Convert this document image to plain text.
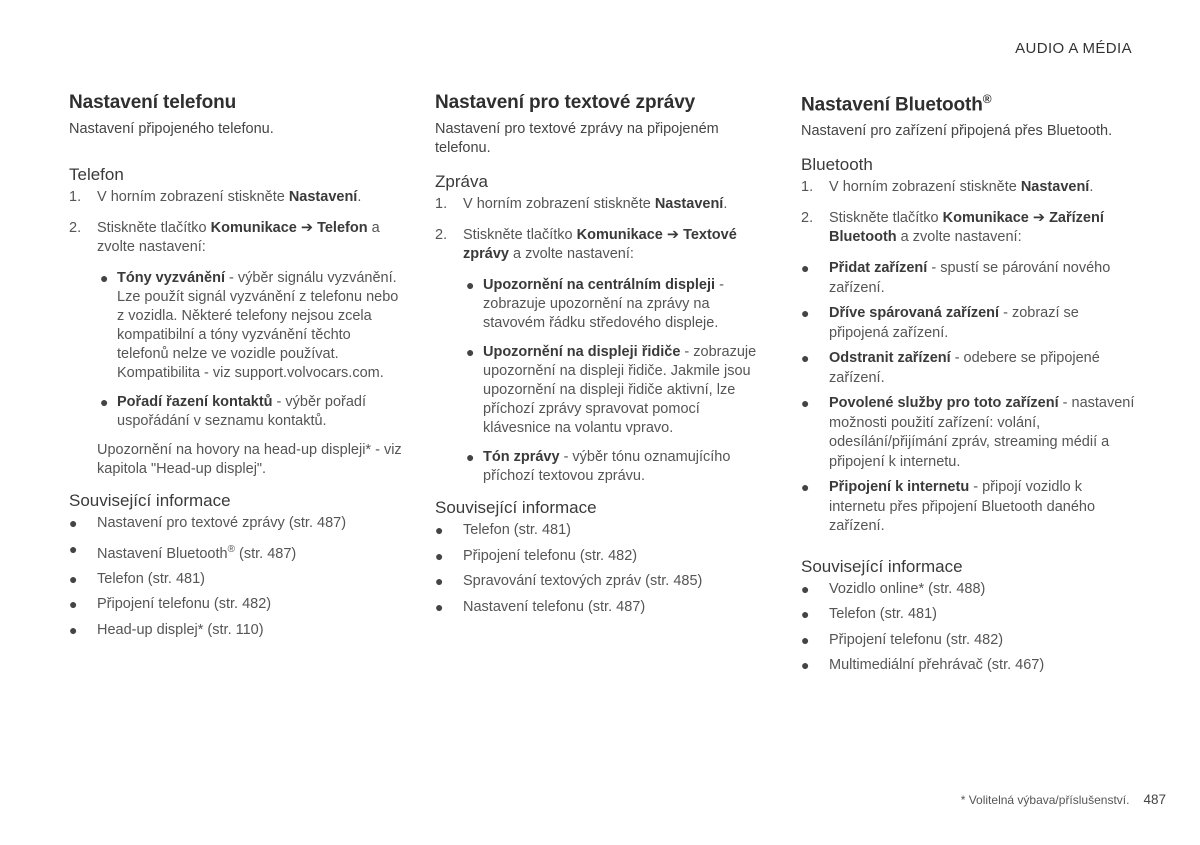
AUDIO A MÉDIA
Nastavení telefonu

Nastavení připojeného telefonu.

Telefon
1. V horním zobrazení stiskněte Nastavení.
2. Stiskněte tlačítko Komunikace ➔ Telefon a zvolte nastavení:
● Tóny vyzvánění - výběr signálu vyzvánění. Lze použít signál vyzvánění z telefonu nebo z vozidla. Některé telefony nejsou zcela kompatibilní a tóny vyzvánění těchto telefonů nelze ve vozidle používat. Kompatibilita - viz support.volvocars.com.
● Pořadí řazení kontaktů - výběr pořadí uspořádání v seznamu kontaktů.

Upozornění na hovory na head-up displeji* - viz kapitola "Head-up displej".

Související informace
● Nastavení pro textové zprávy (str. 487)
● Nastavení Bluetooth® (str. 487)
● Telefon (str. 481)
● Připojení telefonu (str. 482)
● Head-up displej* (str. 110)
Nastavení pro textové zprávy

Nastavení pro textové zprávy na připojeném telefonu.

Zpráva
1. V horním zobrazení stiskněte Nastavení.
2. Stiskněte tlačítko Komunikace ➔ Textové zprávy a zvolte nastavení:
● Upozornění na centrálním displeji - zobrazuje upozornění na zprávy na stavovém řádku středového displeje.
● Upozornění na displeji řidiče - zobrazuje upozornění na displeji řidiče. Jakmile jsou upozornění na displeji řidiče aktivní, lze příchozí zprávy spravovat pomocí klávesnice na volantu vpravo.
● Tón zprávy - výběr tónu oznamujícího příchozí textovou zprávu.
Související informace
● Telefon (str. 481)
● Připojení telefonu (str. 482)
● Spravování textových zpráv (str. 485)
● Nastavení telefonu (str. 487)
Nastavení Bluetooth®

Nastavení pro zařízení připojená přes Bluetooth.

Bluetooth
1. V horním zobrazení stiskněte Nastavení.
2. Stiskněte tlačítko Komunikace ➔ Zařízení Bluetooth a zvolte nastavení:
● Přidat zařízení - spustí se párování nového zařízení.
● Dříve spárovaná zařízení - zobrazí se připojená zařízení.
● Odstranit zařízení - odebere se připojené zařízení.
● Povolené služby pro toto zařízení - nastavení možnosti použití zařízení: volání, odesílání/přijímání zpráv, streaming médií a připojení k internetu.
● Připojení k internetu - připojí vozidlo k internetu přes připojení Bluetooth daného zařízení.
Související informace
● Vozidlo online* (str. 488)
● Telefon (str. 481)
● Připojení telefonu (str. 482)
● Multimediální přehrávač (str. 467)
* Volitelná výbava/příslušenství. 487
